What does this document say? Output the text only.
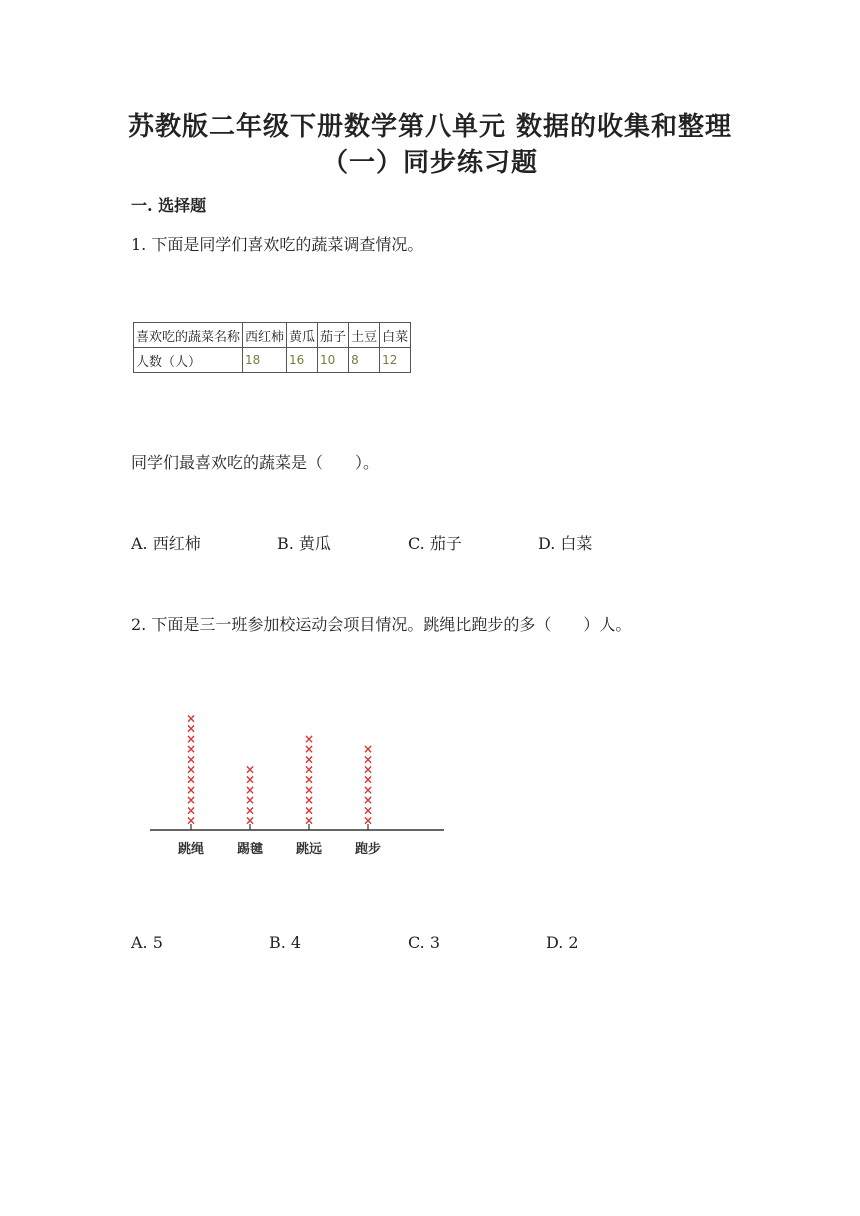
苏教版二年级下册数学第八单元 数据的收集和整理
（一）同步练习题
一. 选择题
1. 下面是同学们喜欢吃的蔬菜调查情况。
喜欢吃的蔬菜名称	西红柿	黄瓜	茄子	土豆	白菜
人数（人）	18	16	10	8	12
同学们最喜欢吃的蔬菜是（　　）。
A. 西红柿	B. 黄瓜	C. 茄子	D. 白菜
2. 下面是三一班参加校运动会项目情况。跳绳比跑步的多（　　）人。
×
×
×
×
×
×
×
×
×
×
×
×
×
×
×
×
×
×
×
×
×
×
×
×
×
×
×
×
×
×
×
×
×
×
跳绳	踢毽	跳远	跑步
A. 5	B. 4	C. 3	D. 2
